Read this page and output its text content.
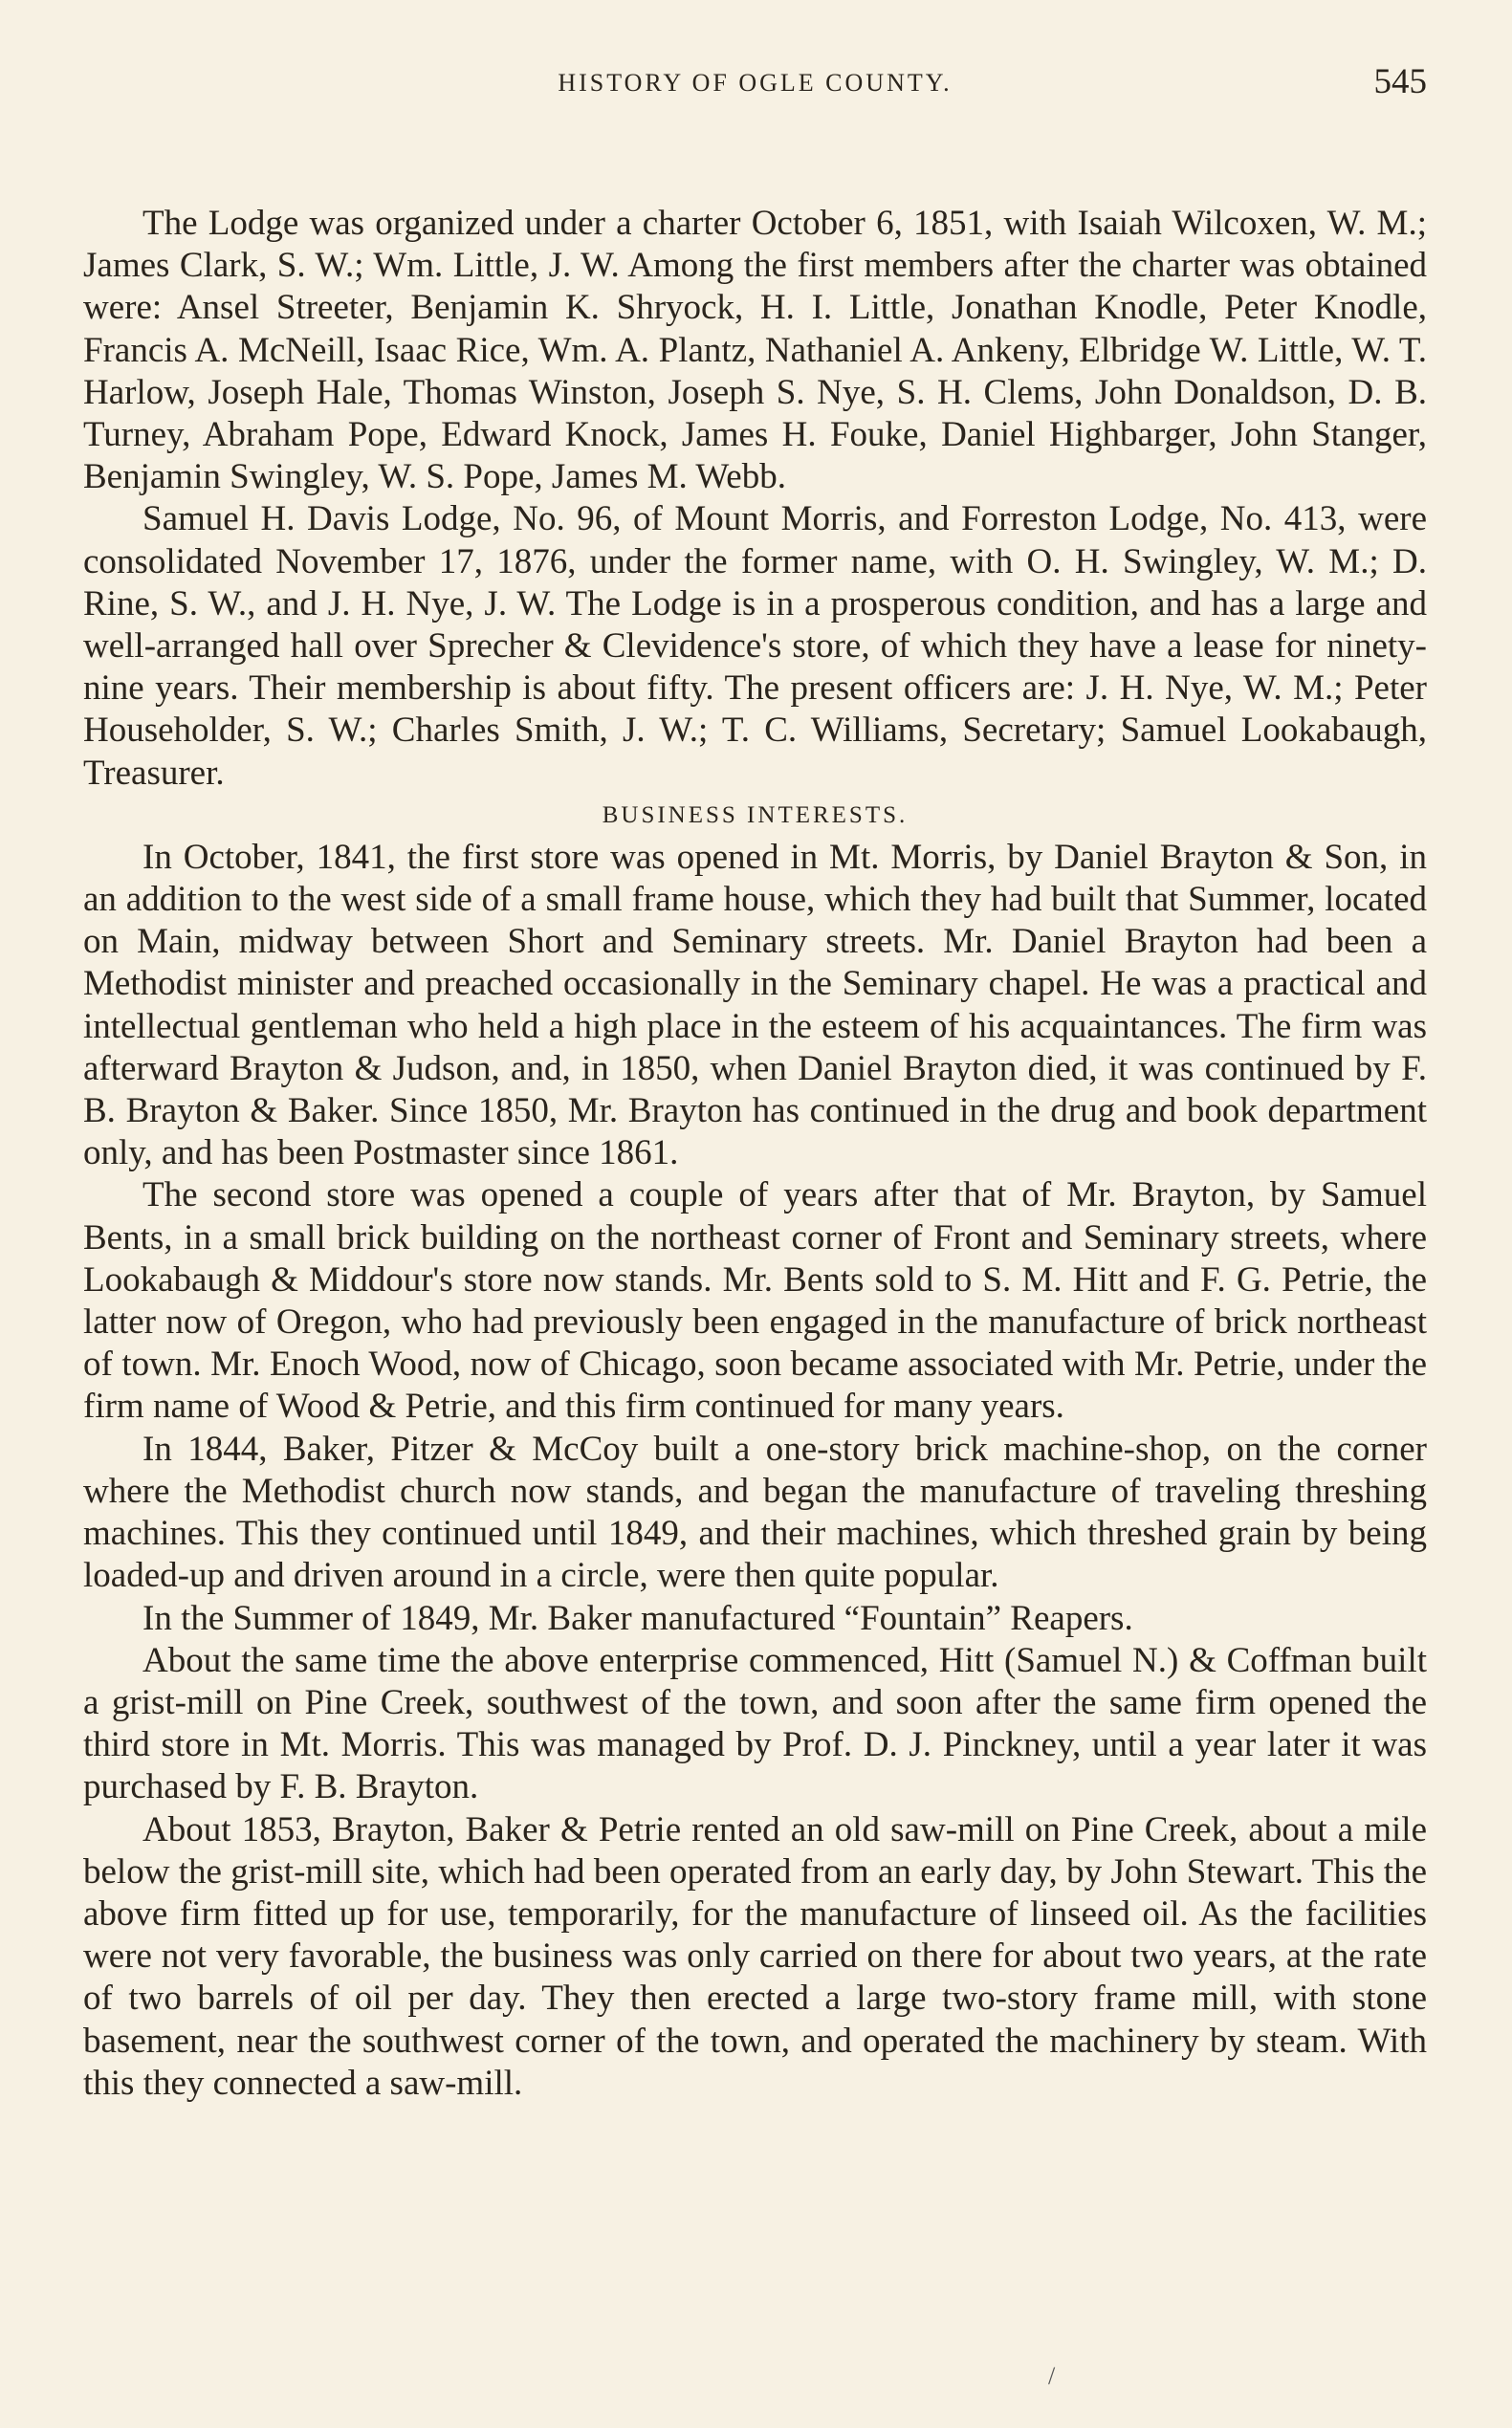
HISTORY OF OGLE COUNTY.	545

The Lodge was organized under a charter October 6, 1851, with Isaiah Wilcoxen, W. M.; James Clark, S. W.; Wm. Little, J. W. Among the first members after the charter was obtained were: Ansel Streeter, Benjamin K. Shryock, H. I. Little, Jonathan Knodle, Peter Knodle, Francis A. McNeill, Isaac Rice, Wm. A. Plantz, Nathaniel A. Ankeny, Elbridge W. Little, W. T. Harlow, Joseph Hale, Thomas Winston, Joseph S. Nye, S. H. Clems, John Donaldson, D. B. Turney, Abraham Pope, Edward Knock, James H. Fouke, Daniel Highbarger, John Stanger, Benjamin Swingley, W. S. Pope, James M. Webb.

Samuel H. Davis Lodge, No. 96, of Mount Morris, and Forreston Lodge, No. 413, were consolidated November 17, 1876, under the former name, with O. H. Swingley, W. M.; D. Rine, S. W., and J. H. Nye, J. W. The Lodge is in a prosperous condition, and has a large and well-arranged hall over Sprecher & Clevidence's store, of which they have a lease for ninety-nine years. Their membership is about fifty. The present officers are: J. H. Nye, W. M.; Peter Householder, S. W.; Charles Smith, J. W.; T. C. Williams, Secretary; Samuel Lookabaugh, Treasurer.

BUSINESS INTERESTS.

In October, 1841, the first store was opened in Mt. Morris, by Daniel Brayton & Son, in an addition to the west side of a small frame house, which they had built that Summer, located on Main, midway between Short and Seminary streets. Mr. Daniel Brayton had been a Methodist minister and preached occasionally in the Seminary chapel. He was a practical and intellectual gentleman who held a high place in the esteem of his acquaintances. The firm was afterward Brayton & Judson, and, in 1850, when Daniel Brayton died, it was continued by F. B. Brayton & Baker. Since 1850, Mr. Brayton has continued in the drug and book department only, and has been Postmaster since 1861.

The second store was opened a couple of years after that of Mr. Brayton, by Samuel Bents, in a small brick building on the northeast corner of Front and Seminary streets, where Lookabaugh & Middour's store now stands. Mr. Bents sold to S. M. Hitt and F. G. Petrie, the latter now of Oregon, who had previously been engaged in the manufacture of brick northeast of town. Mr. Enoch Wood, now of Chicago, soon became associated with Mr. Petrie, under the firm name of Wood & Petrie, and this firm continued for many years.

In 1844, Baker, Pitzer & McCoy built a one-story brick machine-shop, on the corner where the Methodist church now stands, and began the manufacture of traveling threshing machines. This they continued until 1849, and their machines, which threshed grain by being loaded-up and driven around in a circle, were then quite popular.

In the Summer of 1849, Mr. Baker manufactured “Fountain” Reapers.

About the same time the above enterprise commenced, Hitt (Samuel N.) & Coffman built a grist-mill on Pine Creek, southwest of the town, and soon after the same firm opened the third store in Mt. Morris. This was managed by Prof. D. J. Pinckney, until a year later it was purchased by F. B. Brayton.

About 1853, Brayton, Baker & Petrie rented an old saw-mill on Pine Creek, about a mile below the grist-mill site, which had been operated from an early day, by John Stewart. This the above firm fitted up for use, temporarily, for the manufacture of linseed oil. As the facilities were not very favorable, the business was only carried on there for about two years, at the rate of two barrels of oil per day. They then erected a large two-story frame mill, with stone basement, near the southwest corner of the town, and operated the machinery by steam. With this they connected a saw-mill.

/
